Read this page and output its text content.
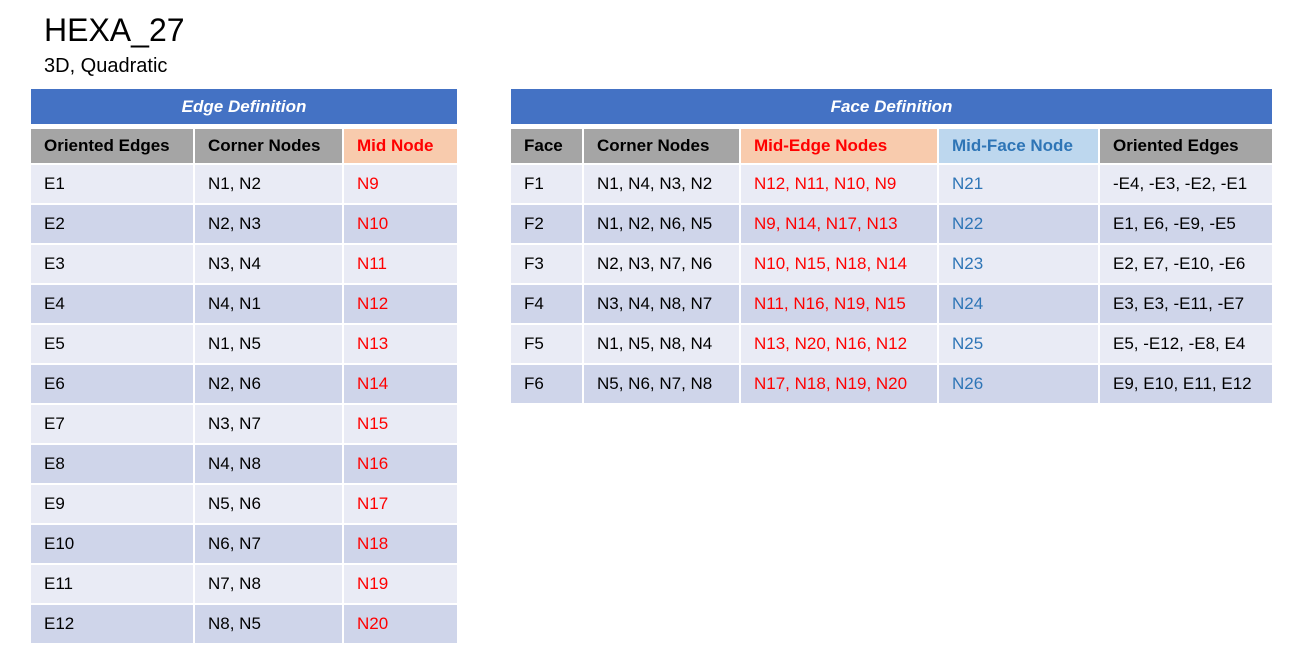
HEXA_27
3D, Quadratic
Edge Definition		
Oriented Edges	Corner Nodes	Mid Node
E1	N1, N2	N9
E2	N2, N3	N10
E3	N3, N4	N11
E4	N4, N1	N12
E5	N1, N5	N13
E6	N2, N6	N14
E7	N3, N7	N15
E8	N4, N8	N16
E9	N5, N6	N17
E10	N6, N7	N18
E11	N7, N8	N19
E12	N8, N5	N20
Face Definition				
Face	Corner Nodes	Mid-Edge Nodes	Mid-Face Node	Oriented Edges
F1	N1, N4, N3, N2	N12, N11, N10, N9	N21	-E4, -E3, -E2, -E1
F2	N1, N2, N6, N5	N9, N14, N17, N13	N22	E1, E6, -E9, -E5
F3	N2, N3, N7, N6	N10, N15, N18, N14	N23	E2, E7, -E10, -E6
F4	N3, N4, N8, N7	N11, N16, N19, N15	N24	E3, E3, -E11, -E7
F5	N1, N5, N8, N4	N13, N20, N16, N12	N25	E5, -E12, -E8, E4
F6	N5, N6, N7, N8	N17, N18, N19, N20	N26	E9, E10, E11, E12
